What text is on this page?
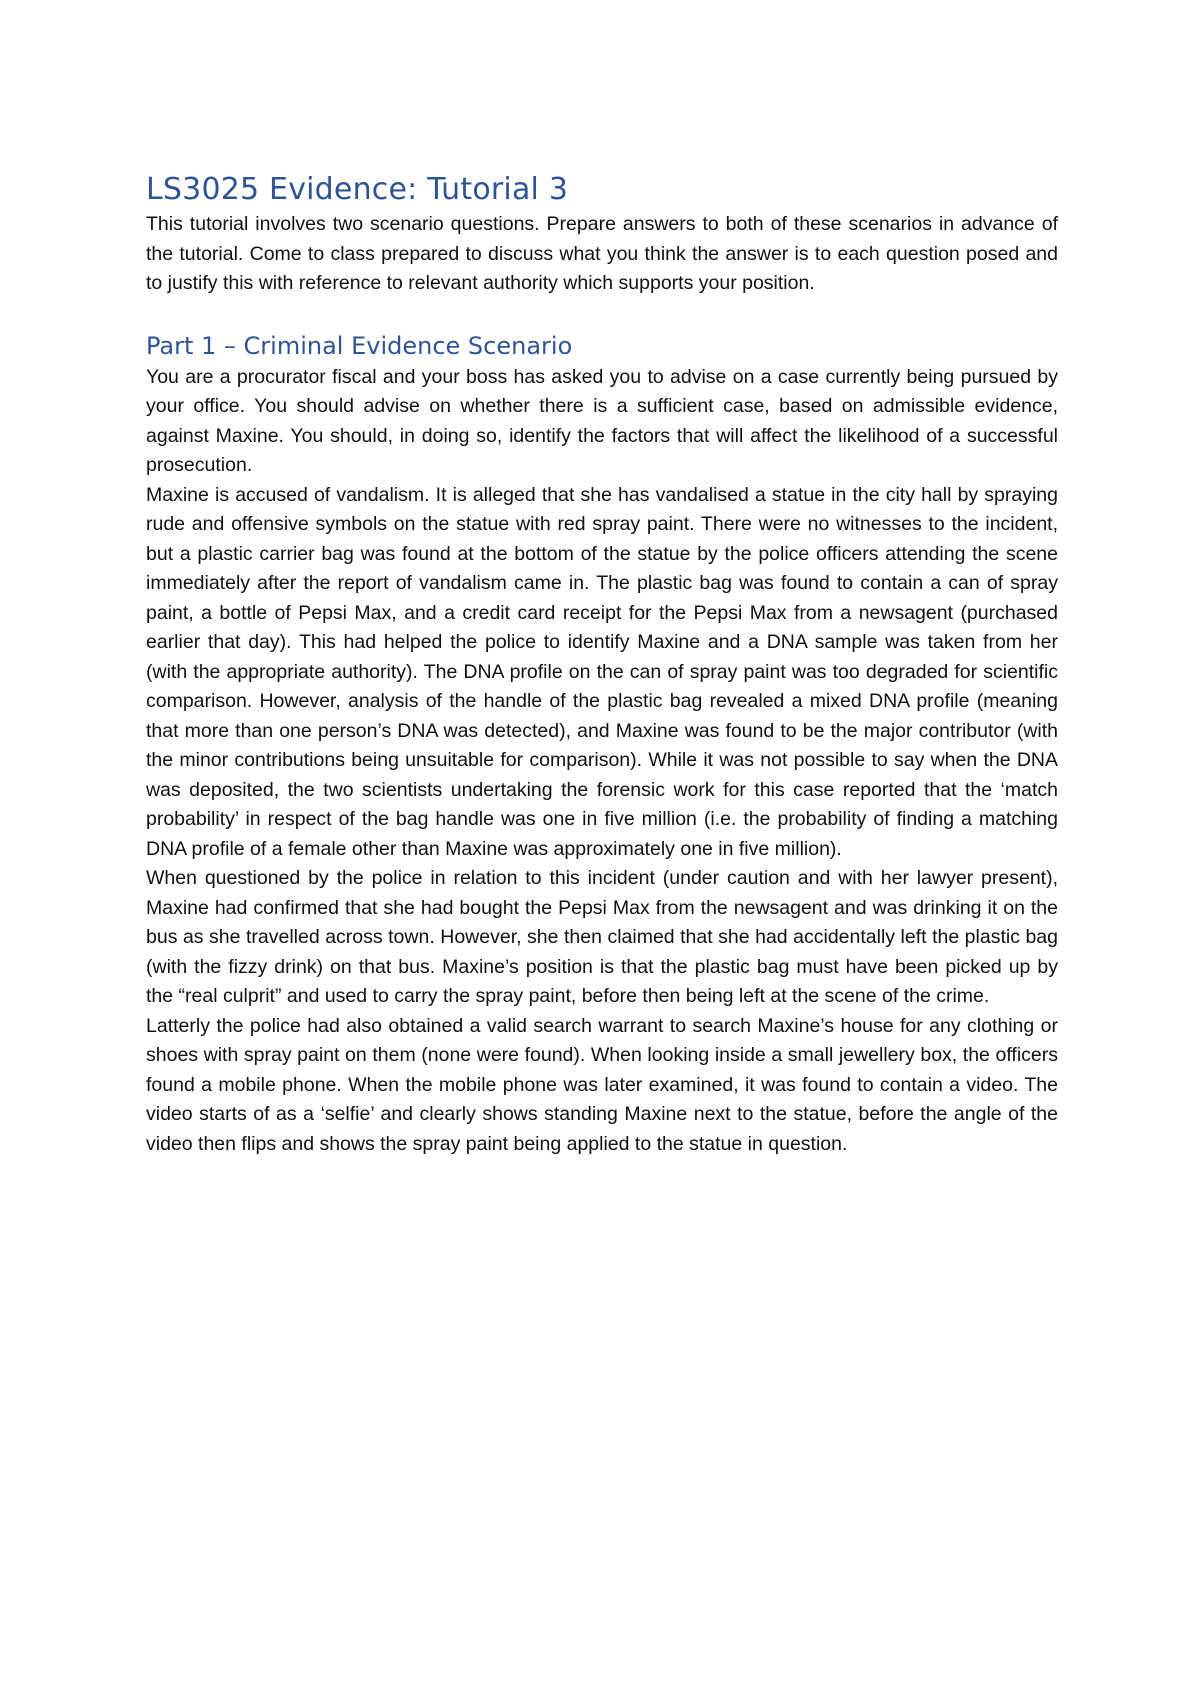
LS3025 Evidence: Tutorial 3

This tutorial involves two scenario questions. Prepare answers to both of these scenarios in advance of the tutorial. Come to class prepared to discuss what you think the answer is to each question posed and to justify this with reference to relevant authority which supports your position.

Part 1 – Criminal Evidence Scenario

You are a procurator fiscal and your boss has asked you to advise on a case currently being pursued by your office. You should advise on whether there is a sufficient case, based on admissible evidence, against Maxine. You should, in doing so, identify the factors that will affect the likelihood of a successful prosecution.

Maxine is accused of vandalism. It is alleged that she has vandalised a statue in the city hall by spraying rude and offensive symbols on the statue with red spray paint. There were no witnesses to the incident, but a plastic carrier bag was found at the bottom of the statue by the police officers attending the scene immediately after the report of vandalism came in. The plastic bag was found to contain a can of spray paint, a bottle of Pepsi Max, and a credit card receipt for the Pepsi Max from a newsagent (purchased earlier that day). This had helped the police to identify Maxine and a DNA sample was taken from her (with the appropriate authority). The DNA profile on the can of spray paint was too degraded for scientific comparison. However, analysis of the handle of the plastic bag revealed a mixed DNA profile (meaning that more than one person’s DNA was detected), and Maxine was found to be the major contributor (with the minor contributions being unsuitable for comparison). While it was not possible to say when the DNA was deposited, the two scientists undertaking the forensic work for this case reported that the ‘match probability’ in respect of the bag handle was one in five million (i.e. the probability of finding a matching DNA profile of a female other than Maxine was approximately one in five million).

When questioned by the police in relation to this incident (under caution and with her lawyer present), Maxine had confirmed that she had bought the Pepsi Max from the newsagent and was drinking it on the bus as she travelled across town. However, she then claimed that she had accidentally left the plastic bag (with the fizzy drink) on that bus. Maxine’s position is that the plastic bag must have been picked up by the “real culprit” and used to carry the spray paint, before then being left at the scene of the crime.

Latterly the police had also obtained a valid search warrant to search Maxine’s house for any clothing or shoes with spray paint on them (none were found). When looking inside a small jewellery box, the officers found a mobile phone. When the mobile phone was later examined, it was found to contain a video. The video starts of as a ‘selfie’ and clearly shows standing Maxine next to the statue, before the angle of the video then flips and shows the spray paint being applied to the statue in question.
